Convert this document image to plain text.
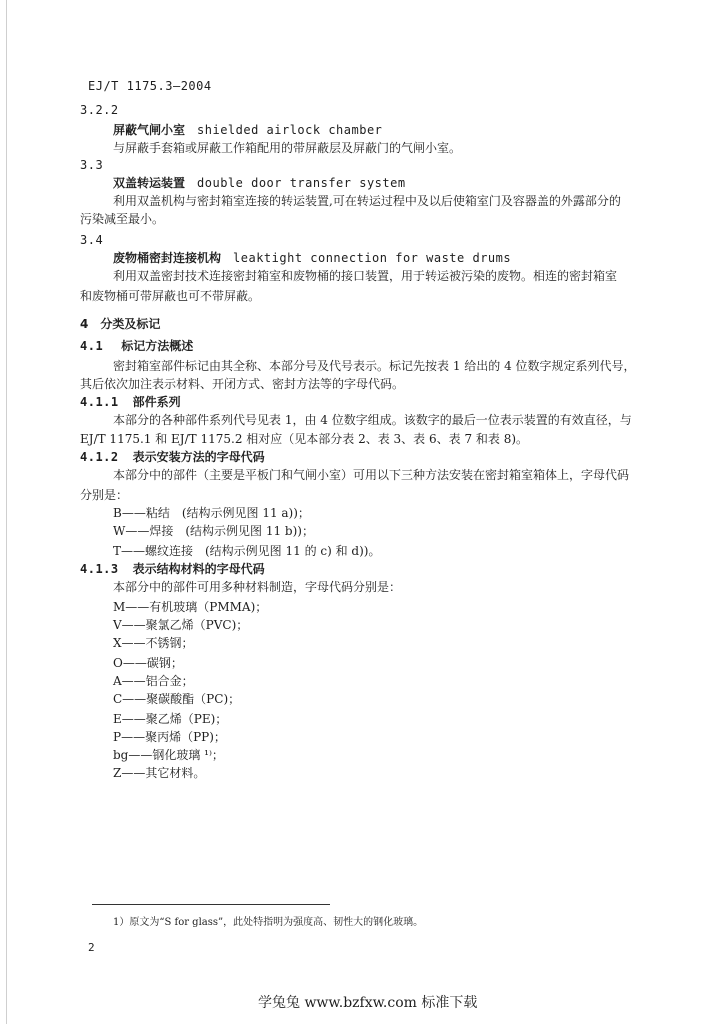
EJ/T 1175.3—2004
3.2.2
屏蔽气闸小室 shielded airlock chamber
与屏蔽手套箱或屏蔽工作箱配用的带屏蔽层及屏蔽门的气闸小室。
3.3
双盖转运装置 double door transfer system
利用双盖机构与密封箱室连接的转运装置,可在转运过程中及以后使箱室门及容器盖的外露部分的
污染减至最小。
3.4
废物桶密封连接机构 leaktight connection for waste drums
利用双盖密封技术连接密封箱室和废物桶的接口装置，用于转运被污染的废物。相连的密封箱室
和废物桶可带屏蔽也可不带屏蔽。
4 分类及标记
4.1 标记方法概述
密封箱室部件标记由其全称、本部分号及代号表示。标记先按表 1 给出的 4 位数字规定系列代号，
其后依次加注表示材料、开闭方式、密封方法等的字母代码。
4.1.1 部件系列
本部分的各种部件系列代号见表 1，由 4 位数字组成。该数字的最后一位表示装置的有效直径，与
EJ/T 1175.1 和 EJ/T 1175.2 相对应（见本部分表 2、表 3、表 6、表 7 和表 8)。
4.1.2 表示安装方法的字母代码
本部分中的部件（主要是平板门和气闸小室）可用以下三种方法安装在密封箱室箱体上，字母代码
分别是：
B——粘结　(结构示例见图 11 a))；
W——焊接　(结构示例见图 11 b))；
T——螺纹连接　(结构示例见图 11 的 c) 和 d))。
4.1.3 表示结构材料的字母代码
本部分中的部件可用多种材料制造，字母代码分别是：
M——有机玻璃（PMMA)；
V——聚氯乙烯（PVC)；
X——不锈钢；
O——碳钢；
A——铝合金；
C——聚碳酸酯（PC)；
E——聚乙烯（PE)；
P——聚丙烯（PP)；
bg——钢化玻璃 ¹⁾；
Z——其它材料。
1）原文为“S for glass”，此处特指明为强度高、韧性大的钢化玻璃。
2
学兔兔 www.bzfxw.com 标准下载
